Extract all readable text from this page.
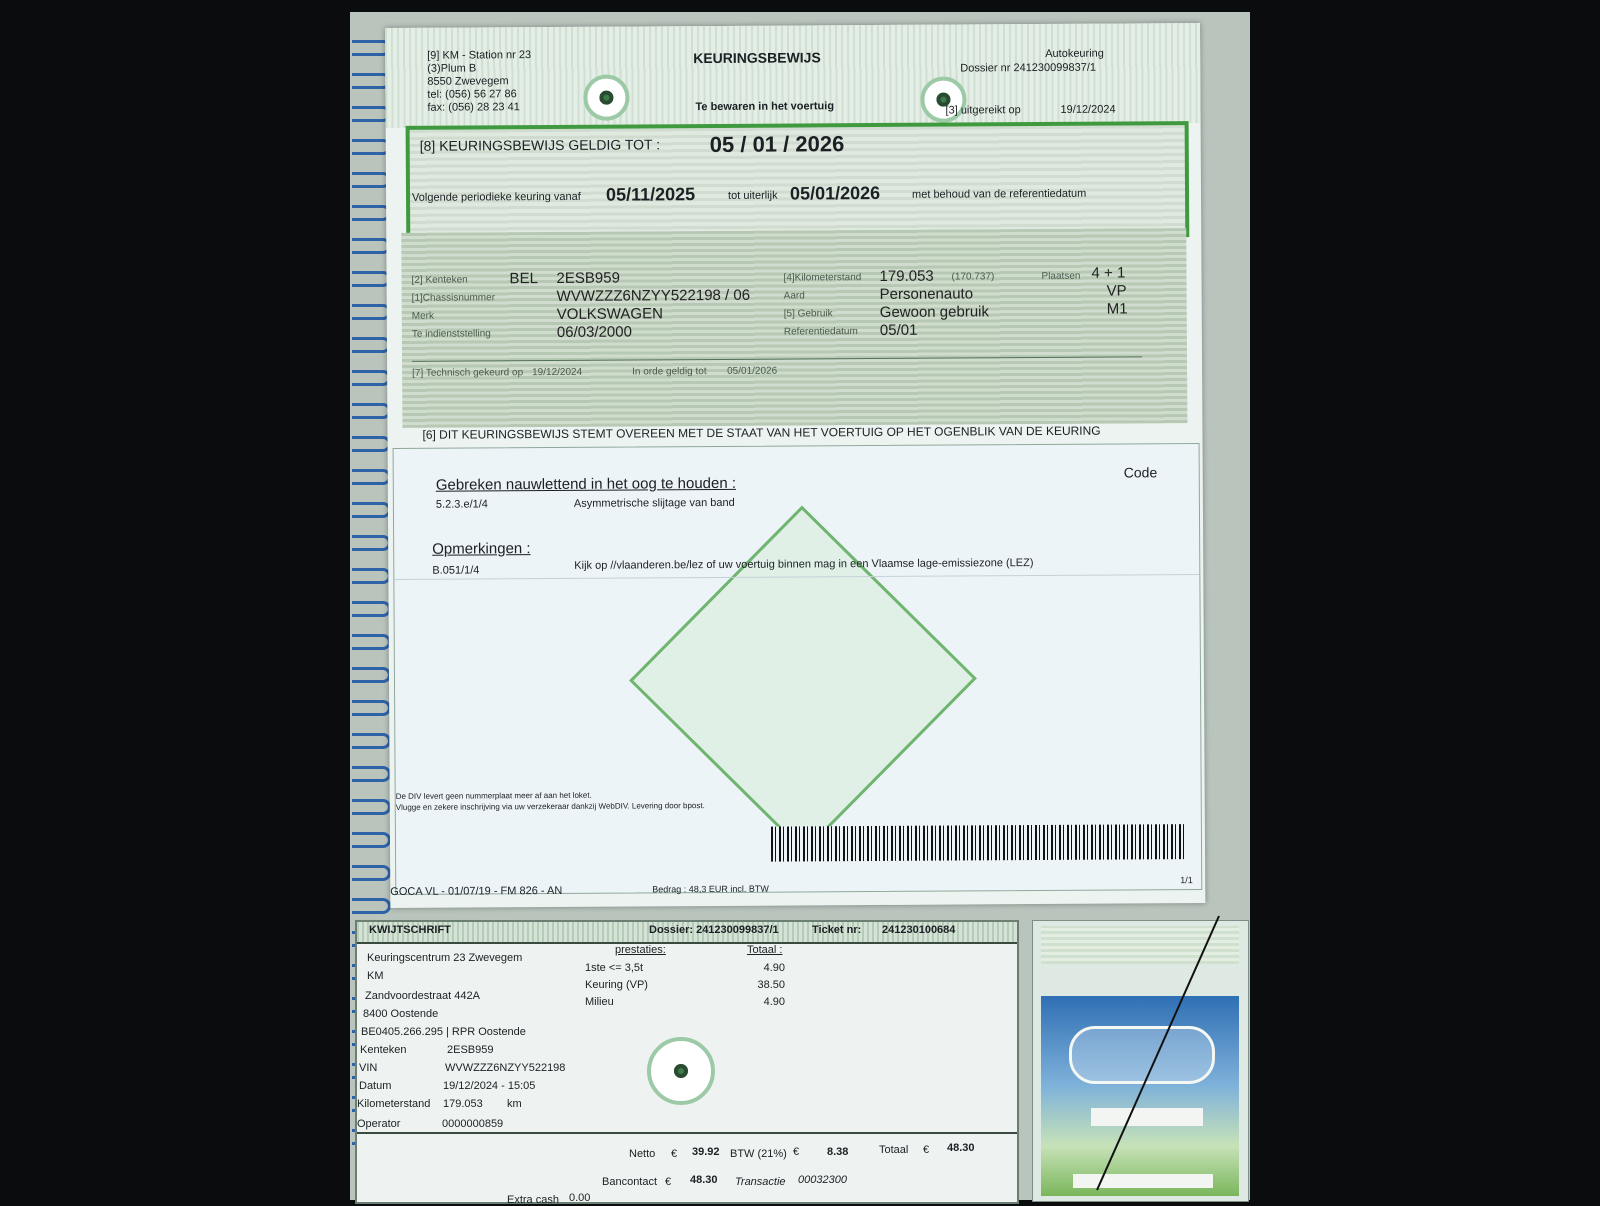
[9] KM - Station nr 23
(3)Plum B
8550 Zwevegem
tel: (056) 56 27 86
fax: (056) 28 23 41
KEURINGSBEWIJS
Te bewaren in het voertuig
Autokeuring
Dossier nr 241230099837/1
[3] uitgereikt op	19/12/2024
[8] KEURINGSBEWIJS GELDIG TOT : 05 / 01 / 2026
Volgende periodieke keuring vanaf 05/11/2025	tot uiterlijk 05/01/2026	met behoud van de referentiedatum
[2] Kenteken	BEL 2ESB959
[1]Chassisnummer	WVWZZZ6NZYY522198 / 06
Merk	VOLKSWAGEN
Te indienststelling	06/03/2000
[4]Kilometerstand 179.053 (170.737)
Aard	Personenauto
[5] Gebruik	Gewoon gebruik
Referentiedatum 05/01
Plaatsen 4 + 1
VP
M1
[7] Technisch gekeurd op 19/12/2024	In orde geldig tot 05/01/2026
[6] DIT KEURINGSBEWIJS STEMT OVEREEN MET DE STAAT VAN HET VOERTUIG OP HET OGENBLIK VAN DE KEURING
Gebreken nauwlettend in het oog te houden :
Code
5.2.3.e/1/4	Asymmetrische slijtage van band
Opmerkingen :
B.051/1/4	Kijk op //vlaanderen.be/lez of uw voertuig binnen mag in een Vlaamse lage-emissiezone (LEZ)
De DIV levert geen nummerplaat meer af aan het loket.
Vlugge en zekere inschrijving via uw verzekeraar dankzij WebDIV. Levering door bpost.
GOCA VL - 01/07/19 - FM 826 - AN	Bedrag : 48,3 EUR incl. BTW
1/1
KWIJTSCHRIFT	Dossier: 241230099837/1	Ticket nr: 241230100684
Keuringscentrum 23 Zwevegem
KM
Zandvoordestraat 442A
8400 Oostende
BE0405.266.295 | RPR Oostende
Kenteken	2ESB959
VIN	WVWZZZ6NZYY522198
Datum	19/12/2024 - 15:05
Kilometerstand 179.053 km
Operator	0000000859
prestaties:	Totaal :
1ste <= 3,5t	4.90
Keuring (VP)	38.50
Milieu	4.90
Netto € 39.92 BTW (21%) €	8.38	Totaal € 48.30
Bancontact € 48.30 Transactie 00032300
Extra cash 0.00
